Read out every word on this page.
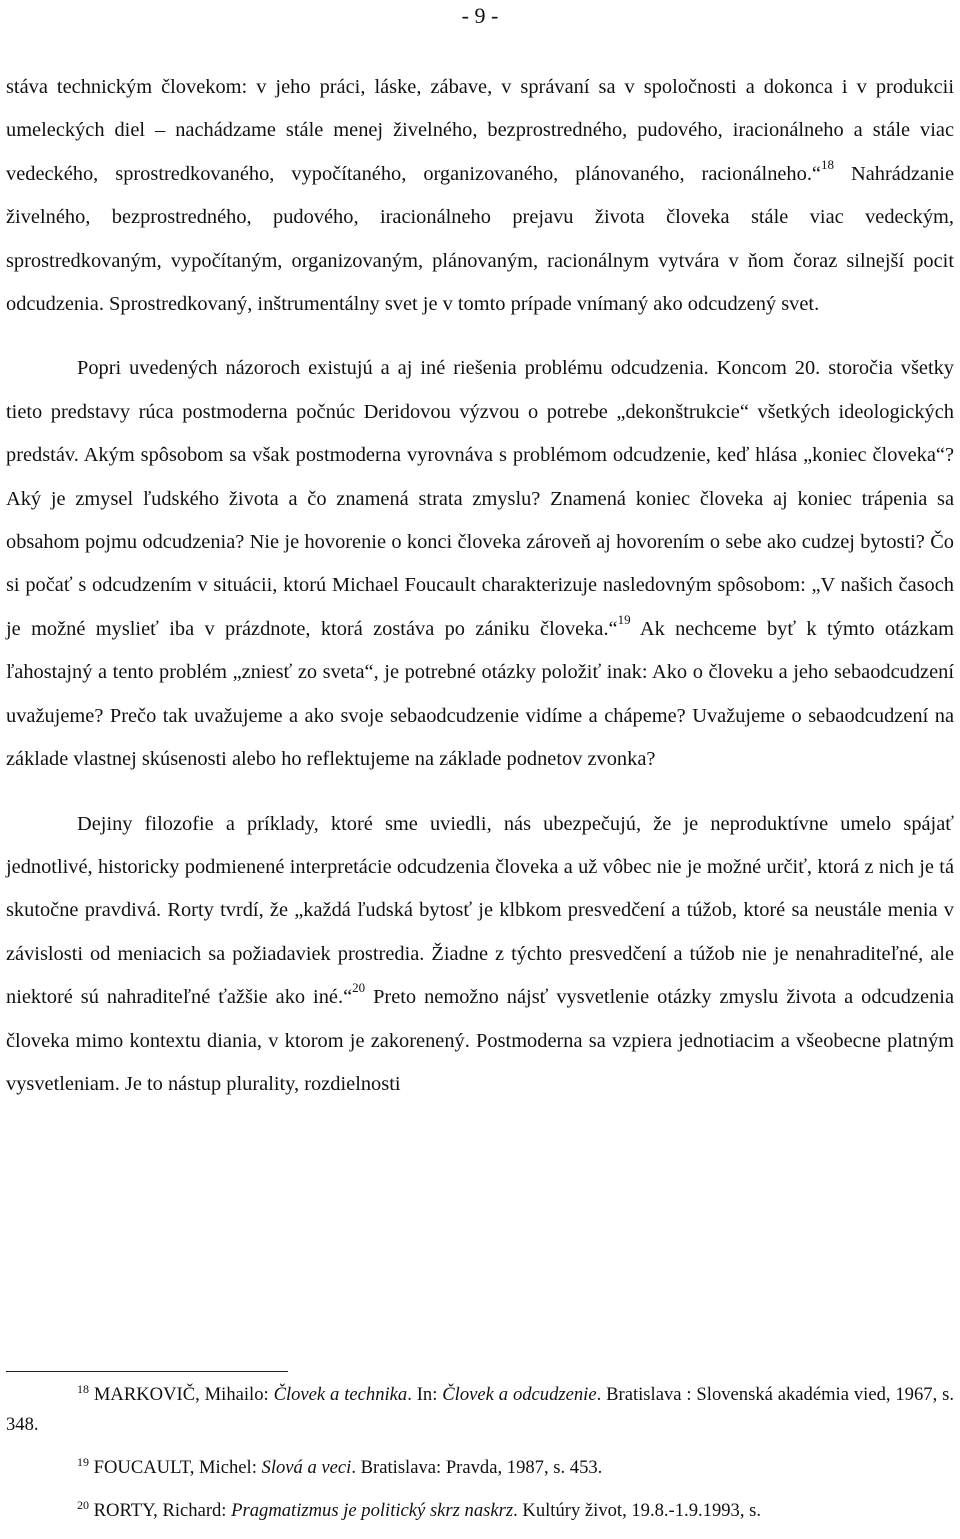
- 9 -

stáva technickým človekom: v jeho práci, láske, zábave, v správaní sa v spoločnosti a dokonca i v produkcii umeleckých diel – nachádzame stále menej živelného, bezprostredného, pudového, iracionálneho a stále viac vedeckého, sprostredkovaného, vypočítaného, organizovaného, plánovaného, racionálneho.“$^{18}$ Nahrádzanie živelného, bezprostredného, pudového, iracionálneho prejavu života človeka stále viac vedeckým, sprostredkovaným, vypočítaným, organizovaným, plánovaným, racionálnym vytvára v ňom čoraz silnejší pocit odcudzenia. Sprostredkovaný, inštrumentálny svet je v tomto prípade vnímaný ako odcudzený svet.

Popri uvedených názoroch existujú a aj iné riešenia problému odcudzenia. Koncom 20. storočia všetky tieto predstavy rúca postmoderna počnúc Deridovou výzvou o potrebe „dekonštrukcie“ všetkých ideologických predstáv. Akým spôsobom sa však postmoderna vyrovnáva s problémom odcudzenie, keď hlása „koniec človeka“? Aký je zmysel ľudského života a čo znamená strata zmyslu? Znamená koniec človeka aj koniec trápenia sa obsahom pojmu odcudzenia? Nie je hovorenie o konci človeka zároveň aj hovorením o sebe ako cudzej bytosti? Čo si počať s odcudzením v situácii, ktorú Michael Foucault charakterizuje nasledovným spôsobom: „V našich časoch je možné myslieť iba v prázdnote, ktorá zostáva po zániku človeka.“$^{19}$ Ak nechceme byť k týmto otázkam ľahostajný a tento problém „zniesť zo sveta“, je potrebné otázky položiť inak: Ako o človeku a jeho sebaodcudzení uvažujeme? Prečo tak uvažujeme a ako svoje sebaodcudzenie vidíme a chápeme? Uvažujeme o sebaodcudzení na základe vlastnej skúsenosti alebo ho reflektujeme na základe podnetov zvonka?

Dejiny filozofie a príklady, ktoré sme uviedli, nás ubezpečujú, že je neproduktívne umelo spájať jednotlivé, historicky podmienené interpretácie odcudzenia človeka a už vôbec nie je možné určiť, ktorá z nich je tá skutočne pravdivá. Rorty tvrdí, že „každá ľudská bytosť je klbkom presvedčení a túžob, ktoré sa neustále menia v závislosti od meniacich sa požiadaviek prostredia. Žiadne z týchto presvedčení a túžob nie je nenahraditeľné, ale niektoré sú nahraditeľné ťažšie ako iné.“$^{20}$ Preto nemožno nájsť vysvetlenie otázky zmyslu života a odcudzenia človeka mimo kontextu diania, v ktorom je zakorenený. Postmoderna sa vzpiera jednotiacim a všeobecne platným vysvetleniam. Je to nástup plurality, rozdielnosti

$^{18}$ MARKOVIČ, Mihailo: Človek a technika. In: Človek a odcudzenie. Bratislava : Slovenská akadémia vied, 1967, s. 348.

$^{19}$ FOUCAULT, Michel: Slová a veci. Bratislava: Pravda, 1987, s. 453.

$^{20}$ RORTY, Richard: Pragmatizmus je politický skrz naskrz. Kultúry život, 19.8.-1.9.1993, s.
